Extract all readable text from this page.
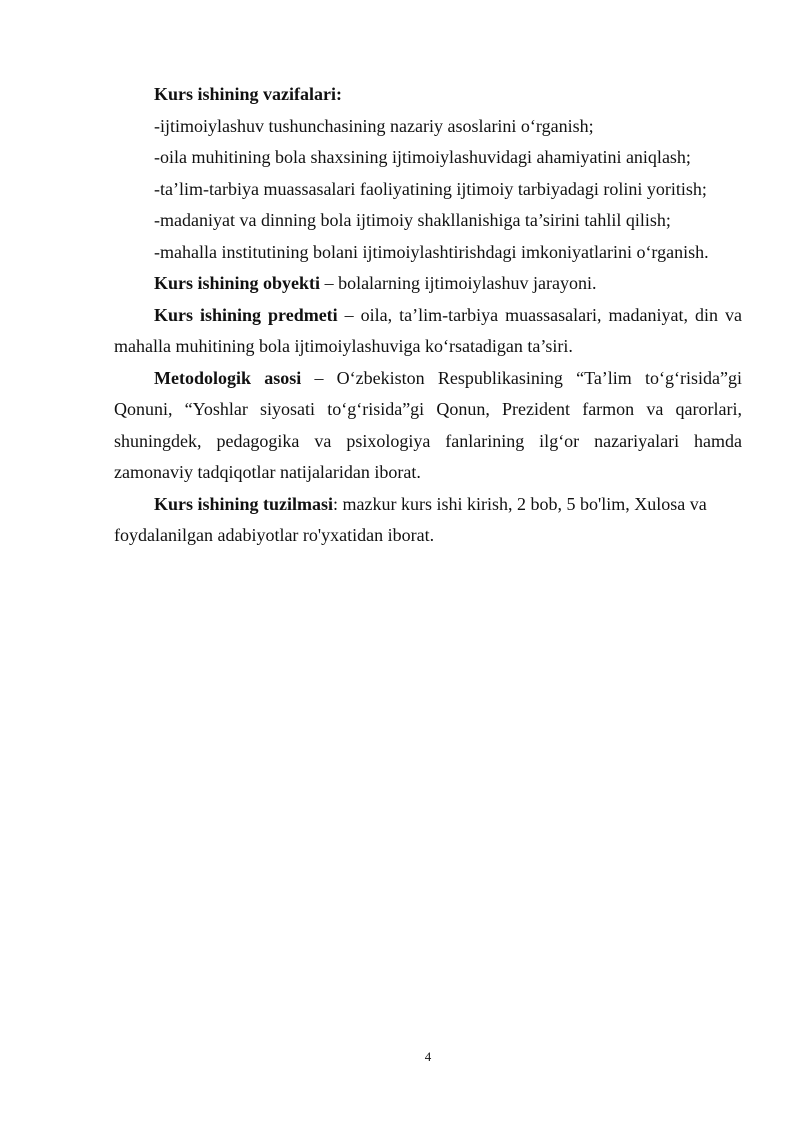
Kurs ishining vazifalari:

-ijtimoiylashuv tushunchasining nazariy asoslarini o‘rganish;

-oila muhitining bola shaxsining ijtimoiylashuvidagi ahamiyatini aniqlash;

-ta’lim-tarbiya muassasalari faoliyatining ijtimoiy tarbiyadagi rolini yoritish;

-madaniyat va dinning bola ijtimoiy shakllanishiga ta’sirini tahlil qilish;

-mahalla institutining bolani ijtimoiylashtirishdagi imkoniyatlarini o‘rganish.

Kurs ishining obyekti – bolalarning ijtimoiylashuv jarayoni.

Kurs ishining predmeti – oila, ta’lim-tarbiya muassasalari, madaniyat, din va mahalla muhitining bola ijtimoiylashuviga ko‘rsatadigan ta’siri.

Metodologik asosi – O‘zbekiston Respublikasining “Ta’lim to‘g‘risida”gi Qonuni, “Yoshlar siyosati to‘g‘risida”gi Qonun, Prezident farmon va qarorlari, shuningdek, pedagogika va psixologiya fanlarining ilg‘or nazariyalari hamda zamonaviy tadqiqotlar natijalaridan iborat.

Kurs ishining tuzilmasi: mazkur kurs ishi kirish, 2 bob, 5 bo'lim, Xulosa va foydalanilgan adabiyotlar ro'yxatidan iborat.

4
